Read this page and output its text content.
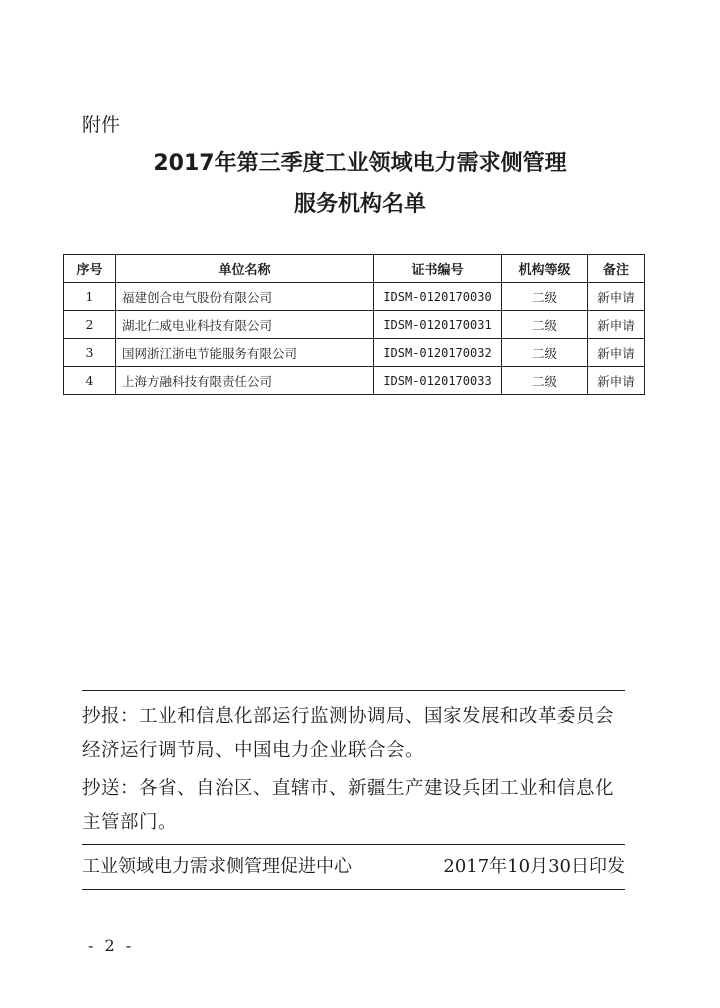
附件
2017年第三季度工业领域电力需求侧管理
服务机构名单
序号	单位名称	证书编号	机构等级	备注
1	福建创合电气股份有限公司	IDSM-0120170030	二级	新申请
2	湖北仁威电业科技有限公司	IDSM-0120170031	二级	新申请
3	国网浙江浙电节能服务有限公司	IDSM-0120170032	二级	新申请
4	上海方融科技有限责任公司	IDSM-0120170033	二级	新申请
抄报：工业和信息化部运行监测协调局、国家发展和改革委员会经济运行调节局、中国电力企业联合会。
抄送：各省、自治区、直辖市、新疆生产建设兵团工业和信息化主管部门。
工业领域电力需求侧管理促进中心	2017年10月30日印发
- 2 -
